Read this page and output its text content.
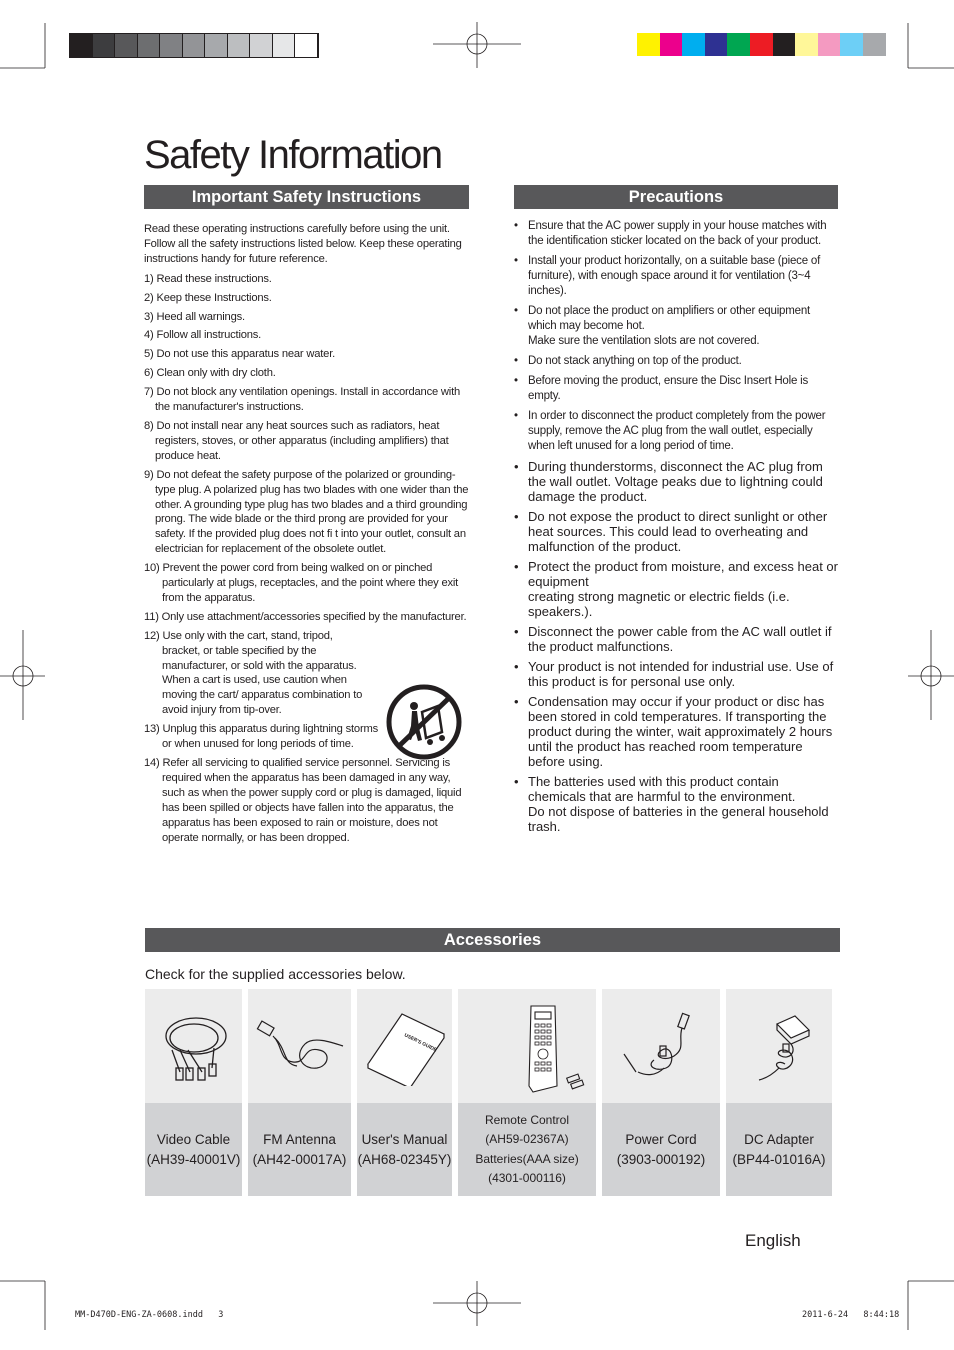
Safety Information
Important Safety Instructions
Read these operating instructions carefully before using the unit. Follow all the safety instructions listed below. Keep these operating instructions handy for future reference.
1) Read these instructions.
2) Keep these Instructions.
3) Heed all warnings.
4) Follow all instructions.
5) Do not use this apparatus near water.
6) Clean only with dry cloth.
7) Do not block any ventilation openings. Install in accordance with the manufacturer's instructions.
8) Do not install near any heat sources such as radiators, heat registers, stoves, or other apparatus (including amplifiers) that produce heat.
9) Do not defeat the safety purpose of the polarized or grounding-type plug. A polarized plug has two blades with one wider than the other. A grounding type plug has two blades and a third grounding prong. The wide blade or the third prong are provided for your safety. If the provided plug does not fi t into your outlet, consult an electrician for replacement of the obsolete outlet.
10) Prevent the power cord from being walked on or pinched particularly at plugs, receptacles, and the point where they exit from the apparatus.
11) Only use attachment/accessories specified by the manufacturer.
12) Use only with the cart, stand, tripod, bracket, or table specified by the manufacturer, or sold with the apparatus. When a cart is used, use caution when moving the cart/ apparatus combination to avoid injury from tip-over.
13) Unplug this apparatus during lightning storms or when unused for long periods of time.
14) Refer all servicing to qualified service personnel. Servicing is required when the apparatus has been damaged in any way, such as when the power supply cord or plug is damaged, liquid has been spilled or objects have fallen into the apparatus, the apparatus has been exposed to rain or moisture, does not operate normally, or has been dropped.
Precautions
• Ensure that the AC power supply in your house matches with the identification sticker located on the back of your product.
• Install your product horizontally, on a suitable base (piece of furniture), with enough space around it for ventilation (3~4 inches).
• Do not place the product on amplifiers or other equipment which may become hot.
Make sure the ventilation slots are not covered.
• Do not stack anything on top of the product.
• Before moving the product, ensure the Disc Insert Hole is empty.
• In order to disconnect the product completely from the power supply, remove the AC plug from the wall outlet, especially when left unused for a long period of time.
• During thunderstorms, disconnect the AC plug from the wall outlet. Voltage peaks due to lightning could damage the product.
• Do not expose the product to direct sunlight or other heat sources. This could lead to overheating and malfunction of the product.
• Protect the product from moisture, and excess heat or equipment
creating strong magnetic or electric fields (i.e. speakers.).
• Disconnect the power cable from the AC wall outlet if the product malfunctions.
• Your product is not intended for industrial use. Use of this product is for personal use only.
• Condensation may occur if your product or disc has been stored in cold temperatures. If transporting the product during the winter, wait approximately 2 hours until the product has reached room temperature before using.
• The batteries used with this product contain chemicals that are harmful to the environment.
Do not dispose of batteries in the general household trash.
Accessories
Check for the supplied accessories below.
Video Cable
(AH39-40001V)
FM Antenna
(AH42-00017A)
USER'S GUIDE
User's Manual
(AH68-02345Y)
Remote Control
(AH59-02367A)
Batteries(AAA size)
(4301-000116)
Power Cord
(3903-000192)
DC Adapter
(BP44-01016A)
English
MM-D470D-ENG-ZA-0608.indd   3	2011-6-24   8:44:18
